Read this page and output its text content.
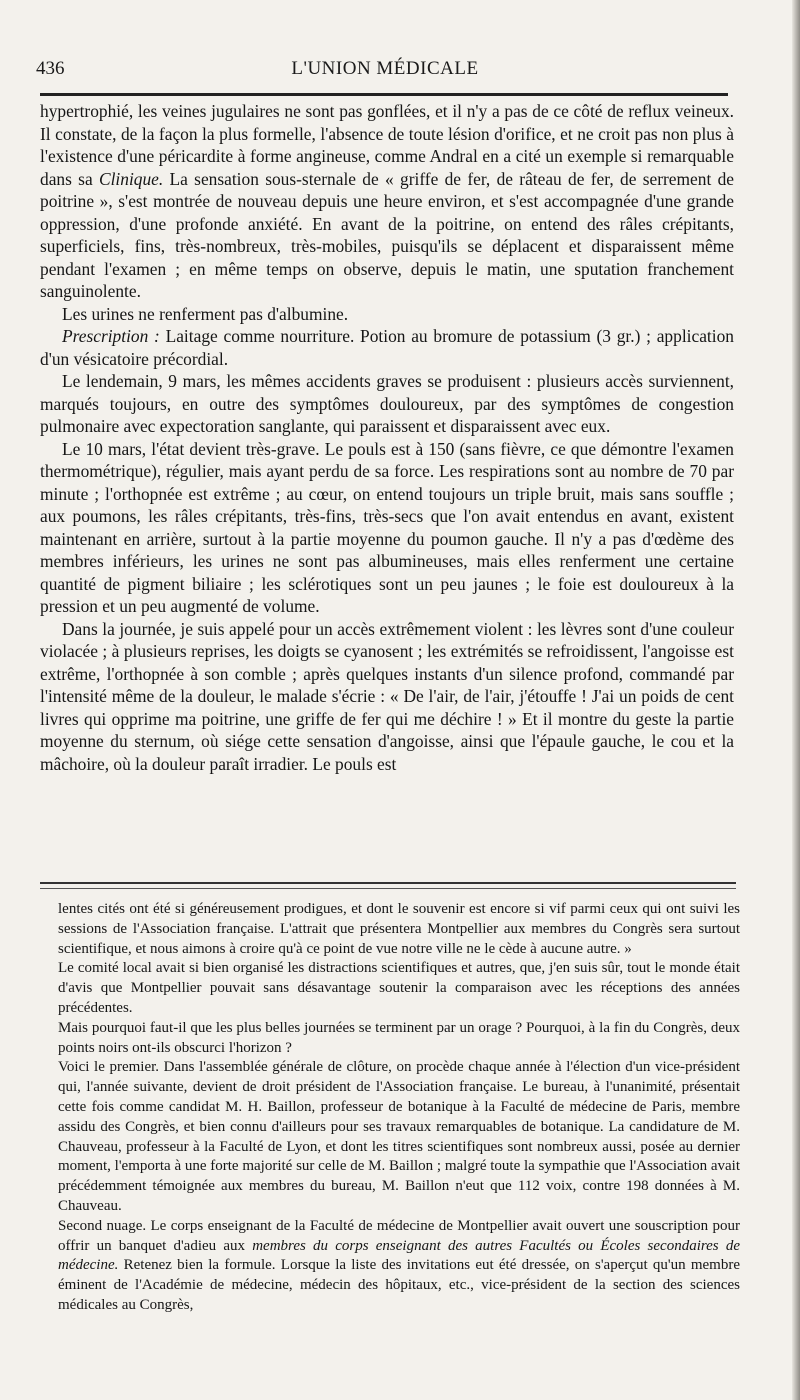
436	L'UNION MÉDICALE

hypertrophié, les veines jugulaires ne sont pas gonflées, et il n'y a pas de ce côté de reflux veineux. Il constate, de la façon la plus formelle, l'absence de toute lésion d'orifice, et ne croit pas non plus à l'existence d'une péricardite à forme angineuse, comme Andral en a cité un exemple si remarquable dans sa Clinique. La sensation sous-sternale de « griffe de fer, de râteau de fer, de serrement de poitrine », s'est montrée de nouveau depuis une heure environ, et s'est accompagnée d'une grande oppression, d'une profonde anxiété. En avant de la poitrine, on entend des râles crépitants, superficiels, fins, très-nombreux, très-mobiles, puisqu'ils se déplacent et disparaissent même pendant l'examen ; en même temps on observe, depuis le matin, une sputation franchement sanguinolente.

Les urines ne renferment pas d'albumine.

Prescription : Laitage comme nourriture. Potion au bromure de potassium (3 gr.) ; application d'un vésicatoire précordial.

Le lendemain, 9 mars, les mêmes accidents graves se produisent : plusieurs accès surviennent, marqués toujours, en outre des symptômes douloureux, par des symptômes de congestion pulmonaire avec expectoration sanglante, qui paraissent et disparaissent avec eux.

Le 10 mars, l'état devient très-grave. Le pouls est à 150 (sans fièvre, ce que démontre l'examen thermométrique), régulier, mais ayant perdu de sa force. Les respirations sont au nombre de 70 par minute ; l'orthopnée est extrême ; au cœur, on entend toujours un triple bruit, mais sans souffle ; aux poumons, les râles crépitants, très-fins, très-secs que l'on avait entendus en avant, existent maintenant en arrière, surtout à la partie moyenne du poumon gauche. Il n'y a pas d'œdème des membres inférieurs, les urines ne sont pas albumineuses, mais elles renferment une certaine quantité de pigment biliaire ; les sclérotiques sont un peu jaunes ; le foie est douloureux à la pression et un peu augmenté de volume.

Dans la journée, je suis appelé pour un accès extrêmement violent : les lèvres sont d'une couleur violacée ; à plusieurs reprises, les doigts se cyanosent ; les extrémités se refroidissent, l'angoisse est extrême, l'orthopnée à son comble ; après quelques instants d'un silence profond, commandé par l'intensité même de la douleur, le malade s'écrie : « De l'air, de l'air, j'étouffe ! J'ai un poids de cent livres qui opprime ma poitrine, une griffe de fer qui me déchire ! » Et il montre du geste la partie moyenne du sternum, où siége cette sensation d'angoisse, ainsi que l'épaule gauche, le cou et la mâchoire, où la douleur paraît irradier. Le pouls est

lentes cités ont été si généreusement prodigues, et dont le souvenir est encore si vif parmi ceux qui ont suivi les sessions de l'Association française. L'attrait que présentera Montpellier aux membres du Congrès sera surtout scientifique, et nous aimons à croire qu'à ce point de vue notre ville ne le cède à aucune autre. »

Le comité local avait si bien organisé les distractions scientifiques et autres, que, j'en suis sûr, tout le monde était d'avis que Montpellier pouvait sans désavantage soutenir la comparaison avec les réceptions des années précédentes.

Mais pourquoi faut-il que les plus belles journées se terminent par un orage ? Pourquoi, à la fin du Congrès, deux points noirs ont-ils obscurci l'horizon ?

Voici le premier. Dans l'assemblée générale de clôture, on procède chaque année à l'élection d'un vice-président qui, l'année suivante, devient de droit président de l'Association française. Le bureau, à l'unanimité, présentait cette fois comme candidat M. H. Baillon, professeur de botanique à la Faculté de médecine de Paris, membre assidu des Congrès, et bien connu d'ailleurs pour ses travaux remarquables de botanique. La candidature de M. Chauveau, professeur à la Faculté de Lyon, et dont les titres scientifiques sont nombreux aussi, posée au dernier moment, l'emporta à une forte majorité sur celle de M. Baillon ; malgré toute la sympathie que l'Association avait précédemment témoignée aux membres du bureau, M. Baillon n'eut que 112 voix, contre 198 données à M. Chauveau.

Second nuage. Le corps enseignant de la Faculté de médecine de Montpellier avait ouvert une souscription pour offrir un banquet d'adieu aux membres du corps enseignant des autres Facultés ou Écoles secondaires de médecine. Retenez bien la formule. Lorsque la liste des invitations eut été dressée, on s'aperçut qu'un membre éminent de l'Académie de médecine, médecin des hôpitaux, etc., vice-président de la section des sciences médicales au Congrès,
